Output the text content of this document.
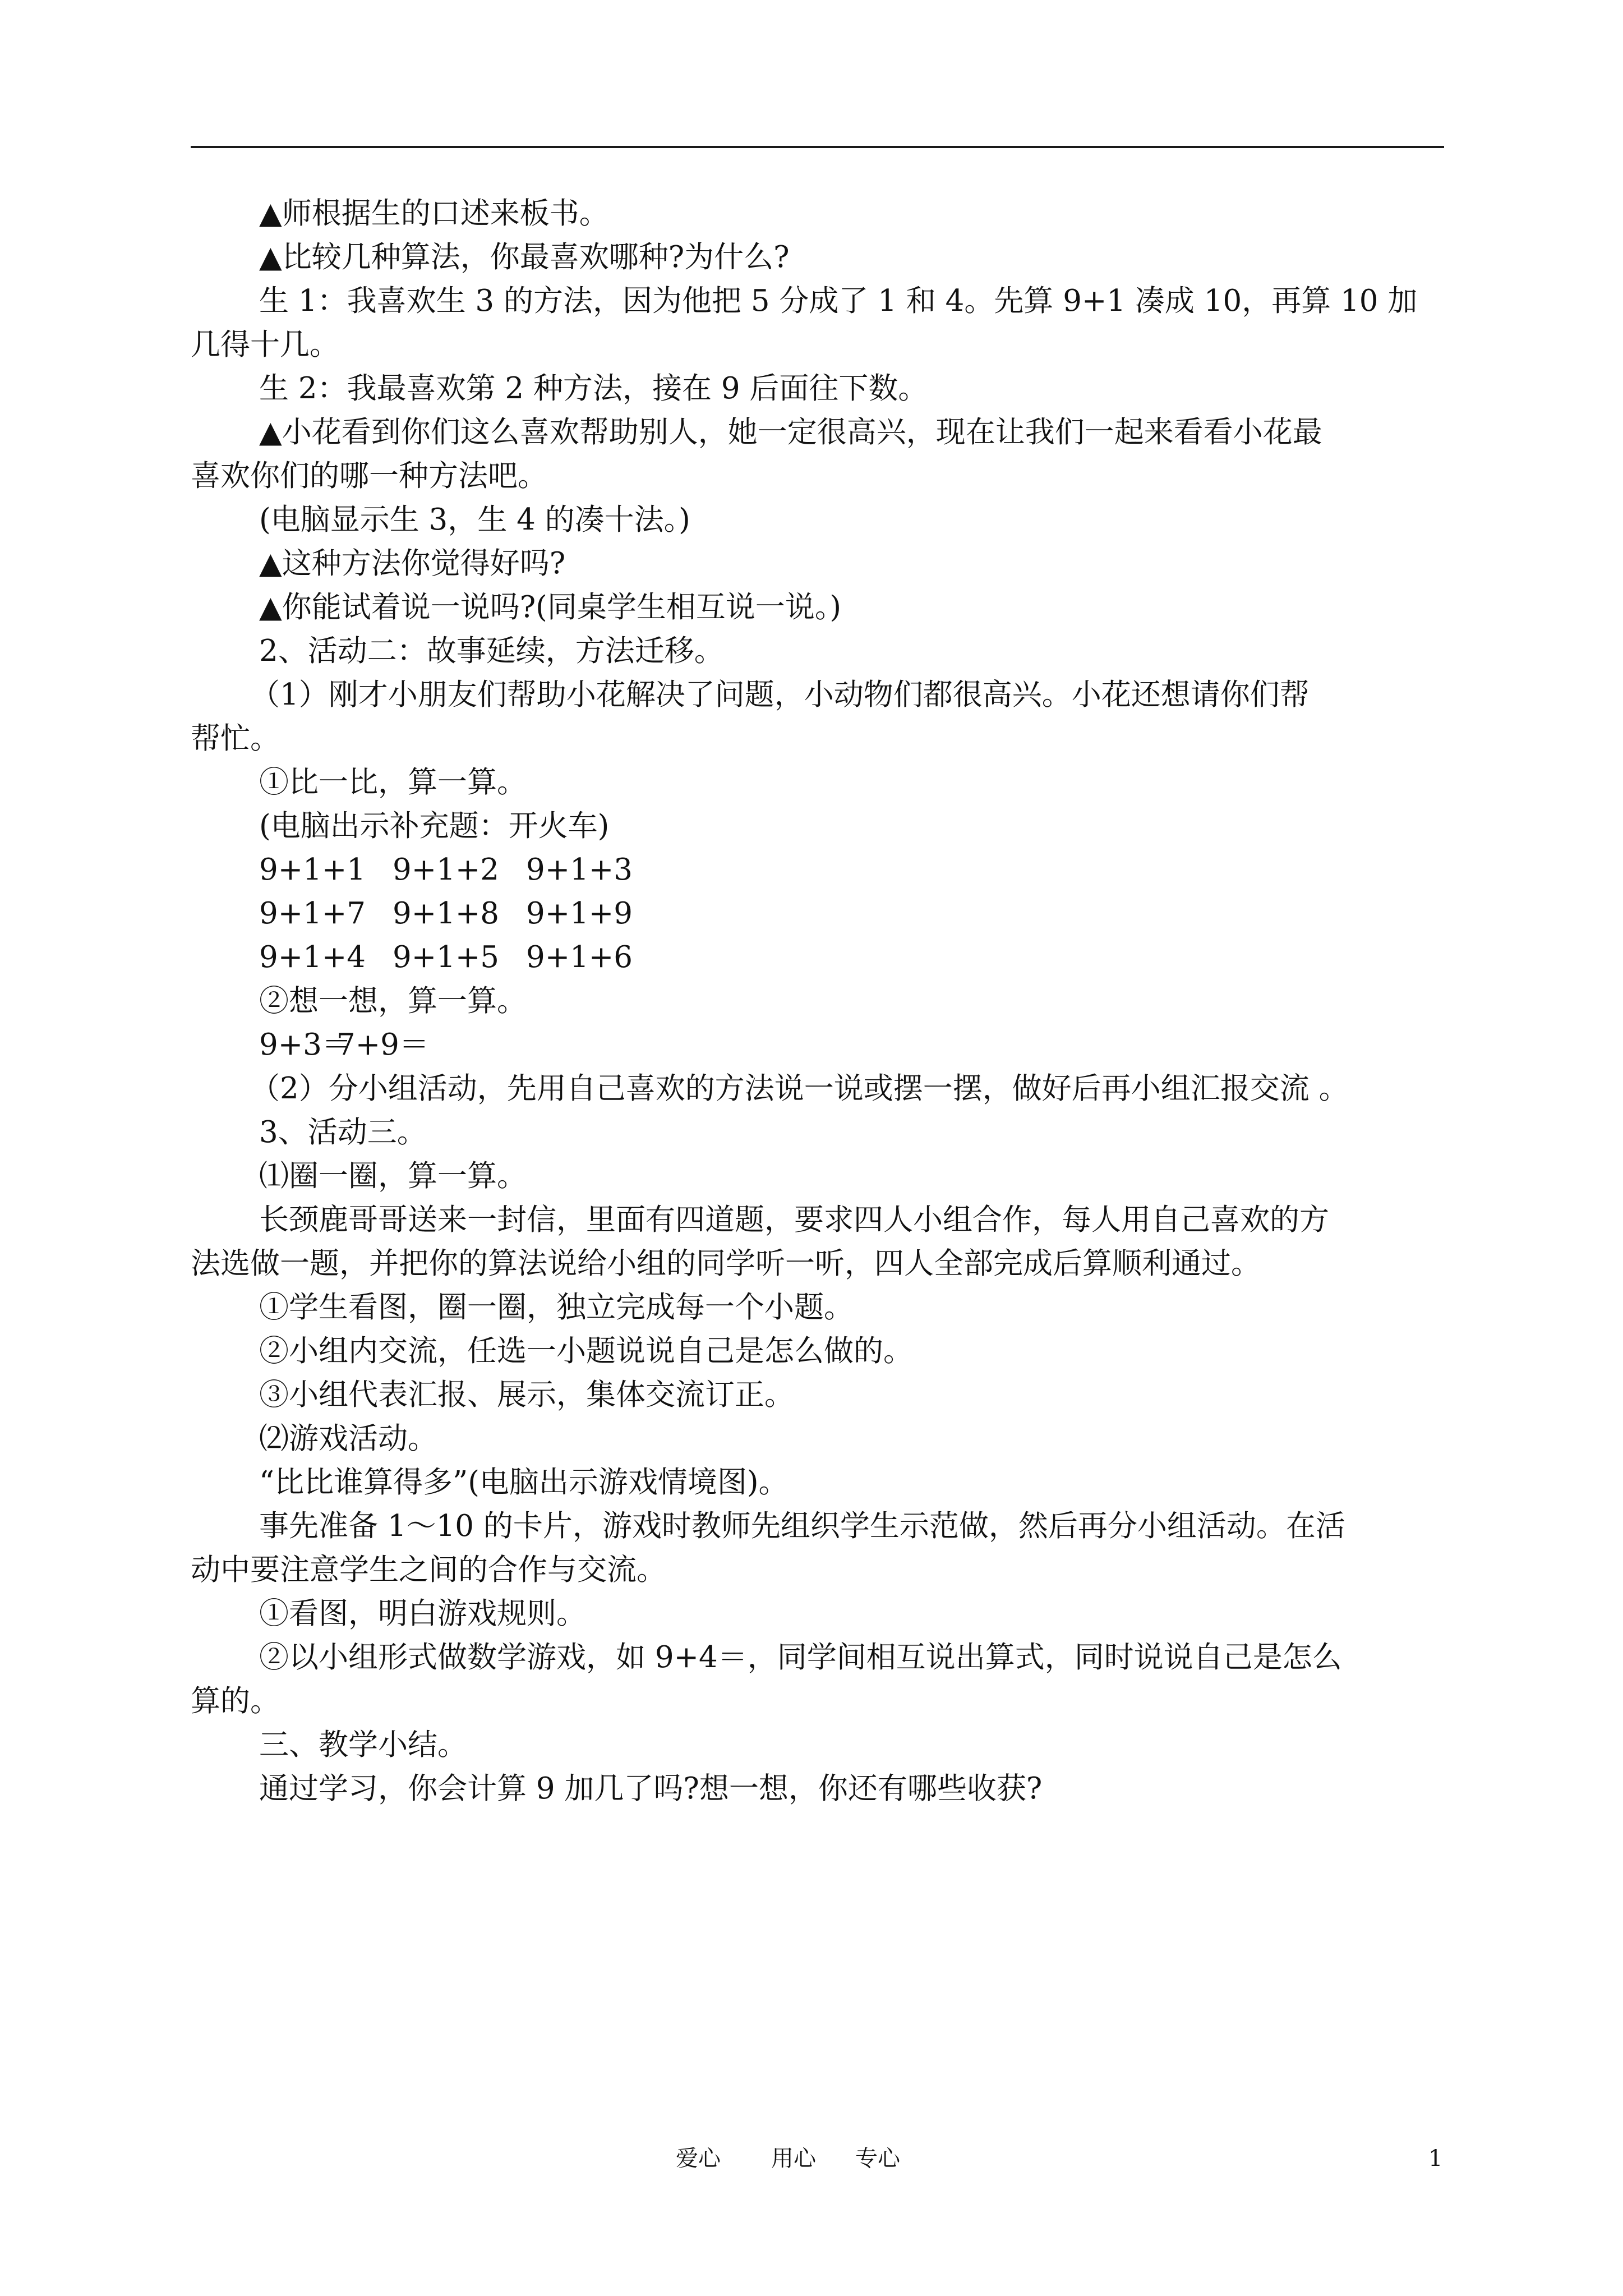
▲师根据生的口述来板书。
▲比较几种算法，你最喜欢哪种?为什么?
生 1：我喜欢生 3 的方法，因为他把 5 分成了 1 和 4。先算 9+1 凑成 10，再算 10 加
几得十几。
生 2：我最喜欢第 2 种方法，接在 9 后面往下数。
▲小花看到你们这么喜欢帮助别人，她一定很高兴，现在让我们一起来看看小花最
喜欢你们的哪一种方法吧。
(电脑显示生 3，生 4 的凑十法。)
▲这种方法你觉得好吗?
▲你能试着说一说吗?(同桌学生相互说一说。)
2、活动二：故事延续，方法迁移。
（1）刚才小朋友们帮助小花解决了问题，小动物们都很高兴。小花还想请你们帮
帮忙。
①比一比，算一算。
(电脑出示补充题：开火车)
9+1+1 9+1+2 9+1+3
9+1+7 9+1+8 9+1+9
9+1+4 9+1+5 9+1+6
②想一想，算一算。
9+3＝7+9＝
（2）分小组活动，先用自己喜欢的方法说一说或摆一摆，做好后再小组汇报交流 。
3、活动三。
⑴圈一圈，算一算。
长颈鹿哥哥送来一封信，里面有四道题，要求四人小组合作，每人用自己喜欢的方
法选做一题，并把你的算法说给小组的同学听一听，四人全部完成后算顺利通过。
①学生看图，圈一圈，独立完成每一个小题。
②小组内交流，任选一小题说说自己是怎么做的。
③小组代表汇报、展示，集体交流订正。
⑵游戏活动。
“比比谁算得多”(电脑出示游戏情境图)。
事先准备 1～10 的卡片，游戏时教师先组织学生示范做，然后再分小组活动。在活
动中要注意学生之间的合作与交流。
①看图，明白游戏规则。
②以小组形式做数学游戏，如 9+4＝，同学间相互说出算式，同时说说自己是怎么
算的。
三、教学小结。
通过学习，你会计算 9 加几了吗?想一想，你还有哪些收获?
爱心 用心 专心	1
